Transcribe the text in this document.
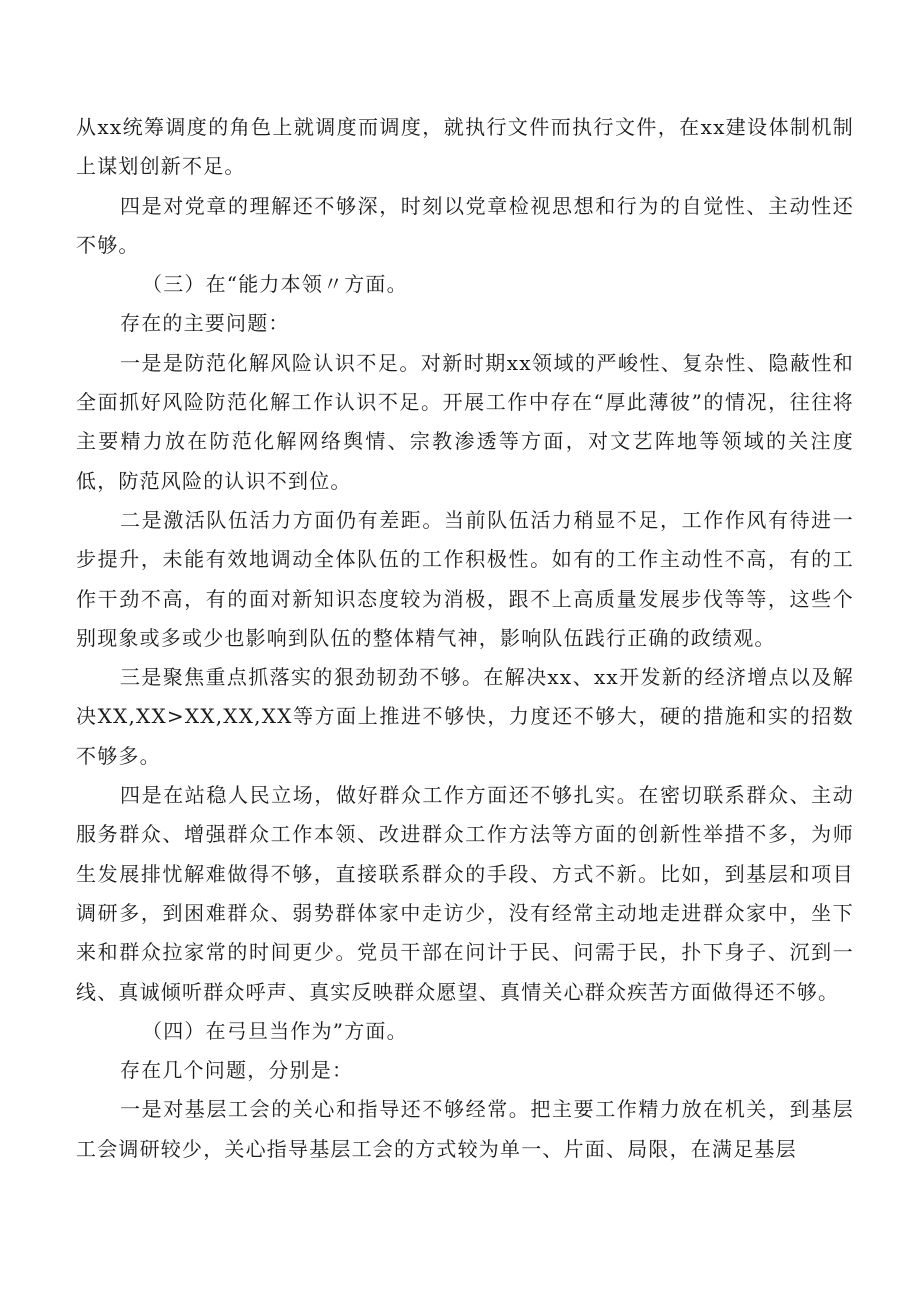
从xx统筹调度的角色上就调度而调度，就执行文件而执行文件，在xx建设体制机制上谋划创新不足。

四是对党章的理解还不够深，时刻以党章检视思想和行为的自觉性、主动性还不够。

（三）在“能力本领〃方面。

存在的主要问题：

一是是防范化解风险认识不足。对新时期xx领域的严峻性、复杂性、隐蔽性和全面抓好风险防范化解工作认识不足。开展工作中存在“厚此薄彼”的情况，往往将主要精力放在防范化解网络舆情、宗教渗透等方面，对文艺阵地等领域的关注度低，防范风险的认识不到位。

二是激活队伍活力方面仍有差距。当前队伍活力稍显不足，工作作风有待进一步提升，未能有效地调动全体队伍的工作积极性。如有的工作主动性不高，有的工作干劲不高，有的面对新知识态度较为消极，跟不上高质量发展步伐等等，这些个别现象或多或少也影响到队伍的整体精气神，影响队伍践行正确的政绩观。

三是聚焦重点抓落实的狠劲韧劲不够。在解决xx、xx开发新的经济增点以及解决XX,XX>XX,XX,XX等方面上推进不够快，力度还不够大，硬的措施和实的招数不够多。

四是在站稳人民立场，做好群众工作方面还不够扎实。在密切联系群众、主动服务群众、增强群众工作本领、改进群众工作方法等方面的创新性举措不多，为师生发展排忧解难做得不够，直接联系群众的手段、方式不新。比如，到基层和项目调研多，到困难群众、弱势群体家中走访少，没有经常主动地走进群众家中，坐下来和群众拉家常的时间更少。党员干部在问计于民、问需于民，扑下身子、沉到一线、真诚倾听群众呼声、真实反映群众愿望、真情关心群众疾苦方面做得还不够。

（四）在弓旦当作为”方面。

存在几个问题，分别是：

一是对基层工会的关心和指导还不够经常。把主要工作精力放在机关，到基层工会调研较少，关心指导基层工会的方式较为单一、片面、局限，在满足基层
